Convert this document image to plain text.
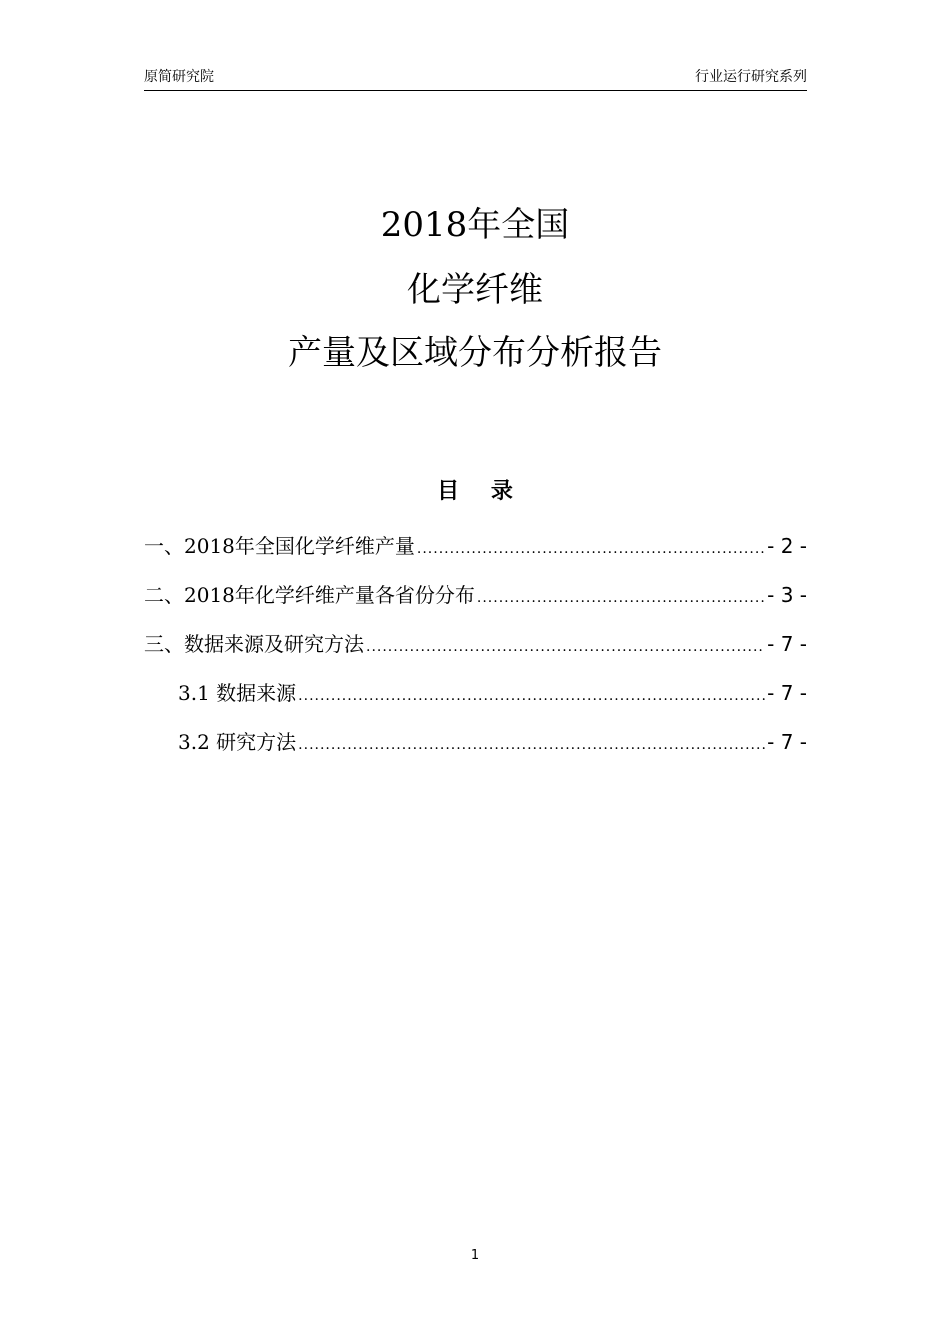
原简研究院	行业运行研究系列
2018年全国
化学纤维
产量及区域分布分析报告
目 录
一、2018年全国化学纤维产量 .....	- 2 -
二、2018年化学纤维产量各省份分布 .....	- 3 -
三、数据来源及研究方法 .....	- 7 -
3.1 数据来源 .....	- 7 -
3.2 研究方法 .....	- 7 -
1
